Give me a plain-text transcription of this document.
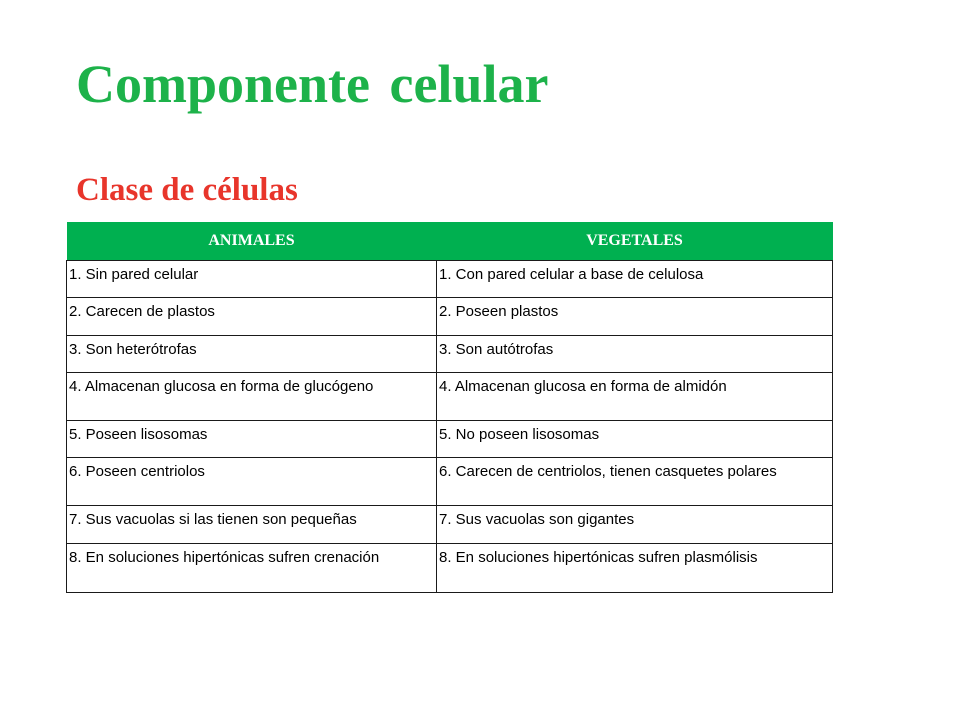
Componente celular
Clase de células
ANIMALES	VEGETALES
1. Sin pared celular	1. Con pared celular a base de celulosa
2. Carecen de plastos	2. Poseen plastos
3. Son heterótrofas	3. Son autótrofas
4. Almacenan glucosa en forma de glucógeno	4. Almacenan glucosa en forma de almidón
5. Poseen lisosomas	5. No poseen lisosomas
6. Poseen centriolos	6. Carecen de centriolos, tienen casquetes polares
7. Sus vacuolas si las tienen son pequeñas	7. Sus vacuolas son gigantes
8. En soluciones hipertónicas sufren crenación	8. En soluciones hipertónicas sufren plasmólisis
